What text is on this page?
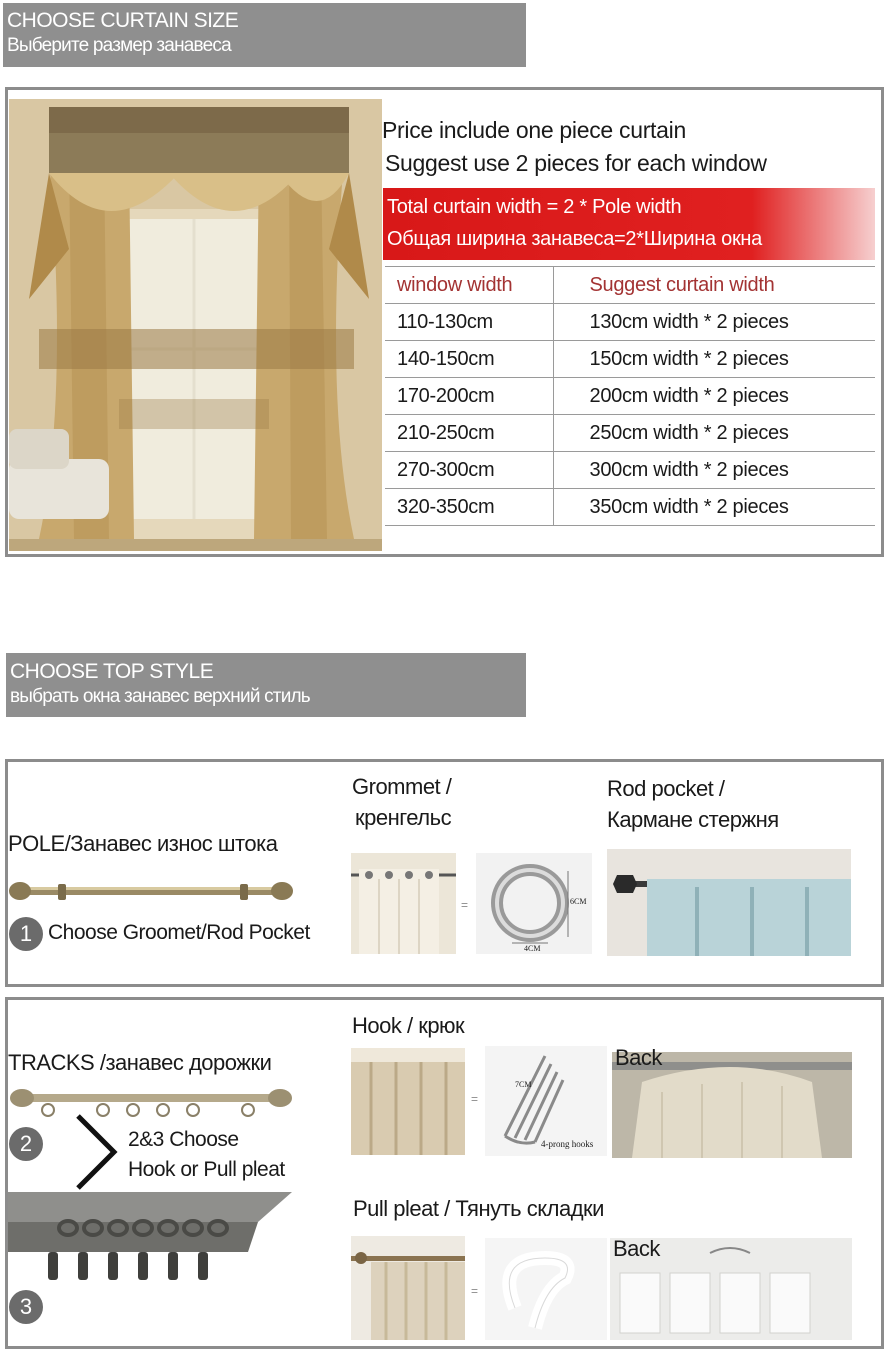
CHOOSE CURTAIN SIZE
Выберите размер занавеса
Price include one piece curtain
Suggest use 2 pieces for each window
Total curtain width = 2 * Pole width
Общая ширина занавеса=2*Ширина окна
window width	Suggest curtain width
110-130cm	130cm width * 2 pieces
140-150cm	150cm width * 2 pieces
170-200cm	200cm width * 2 pieces
210-250cm	250cm width * 2 pieces
270-300cm	300cm width * 2 pieces
320-350cm	350cm width * 2 pieces
CHOOSE TOP STYLE
выбрать окна занавес верхний стиль
POLE/Занавес износ штока
1 Choose Groomet/Rod Pocket
Grommet /
кренгельс
Rod pocket /
Кармане стержня
=	6CM
4CM
TRACKS /занавес дорожки
2	2&3 Choose
Hook or Pull pleat
3
Hook / крюк
=
7CM
4-prong hooks
Back
Pull pleat / Тянуть складки
=
Back
